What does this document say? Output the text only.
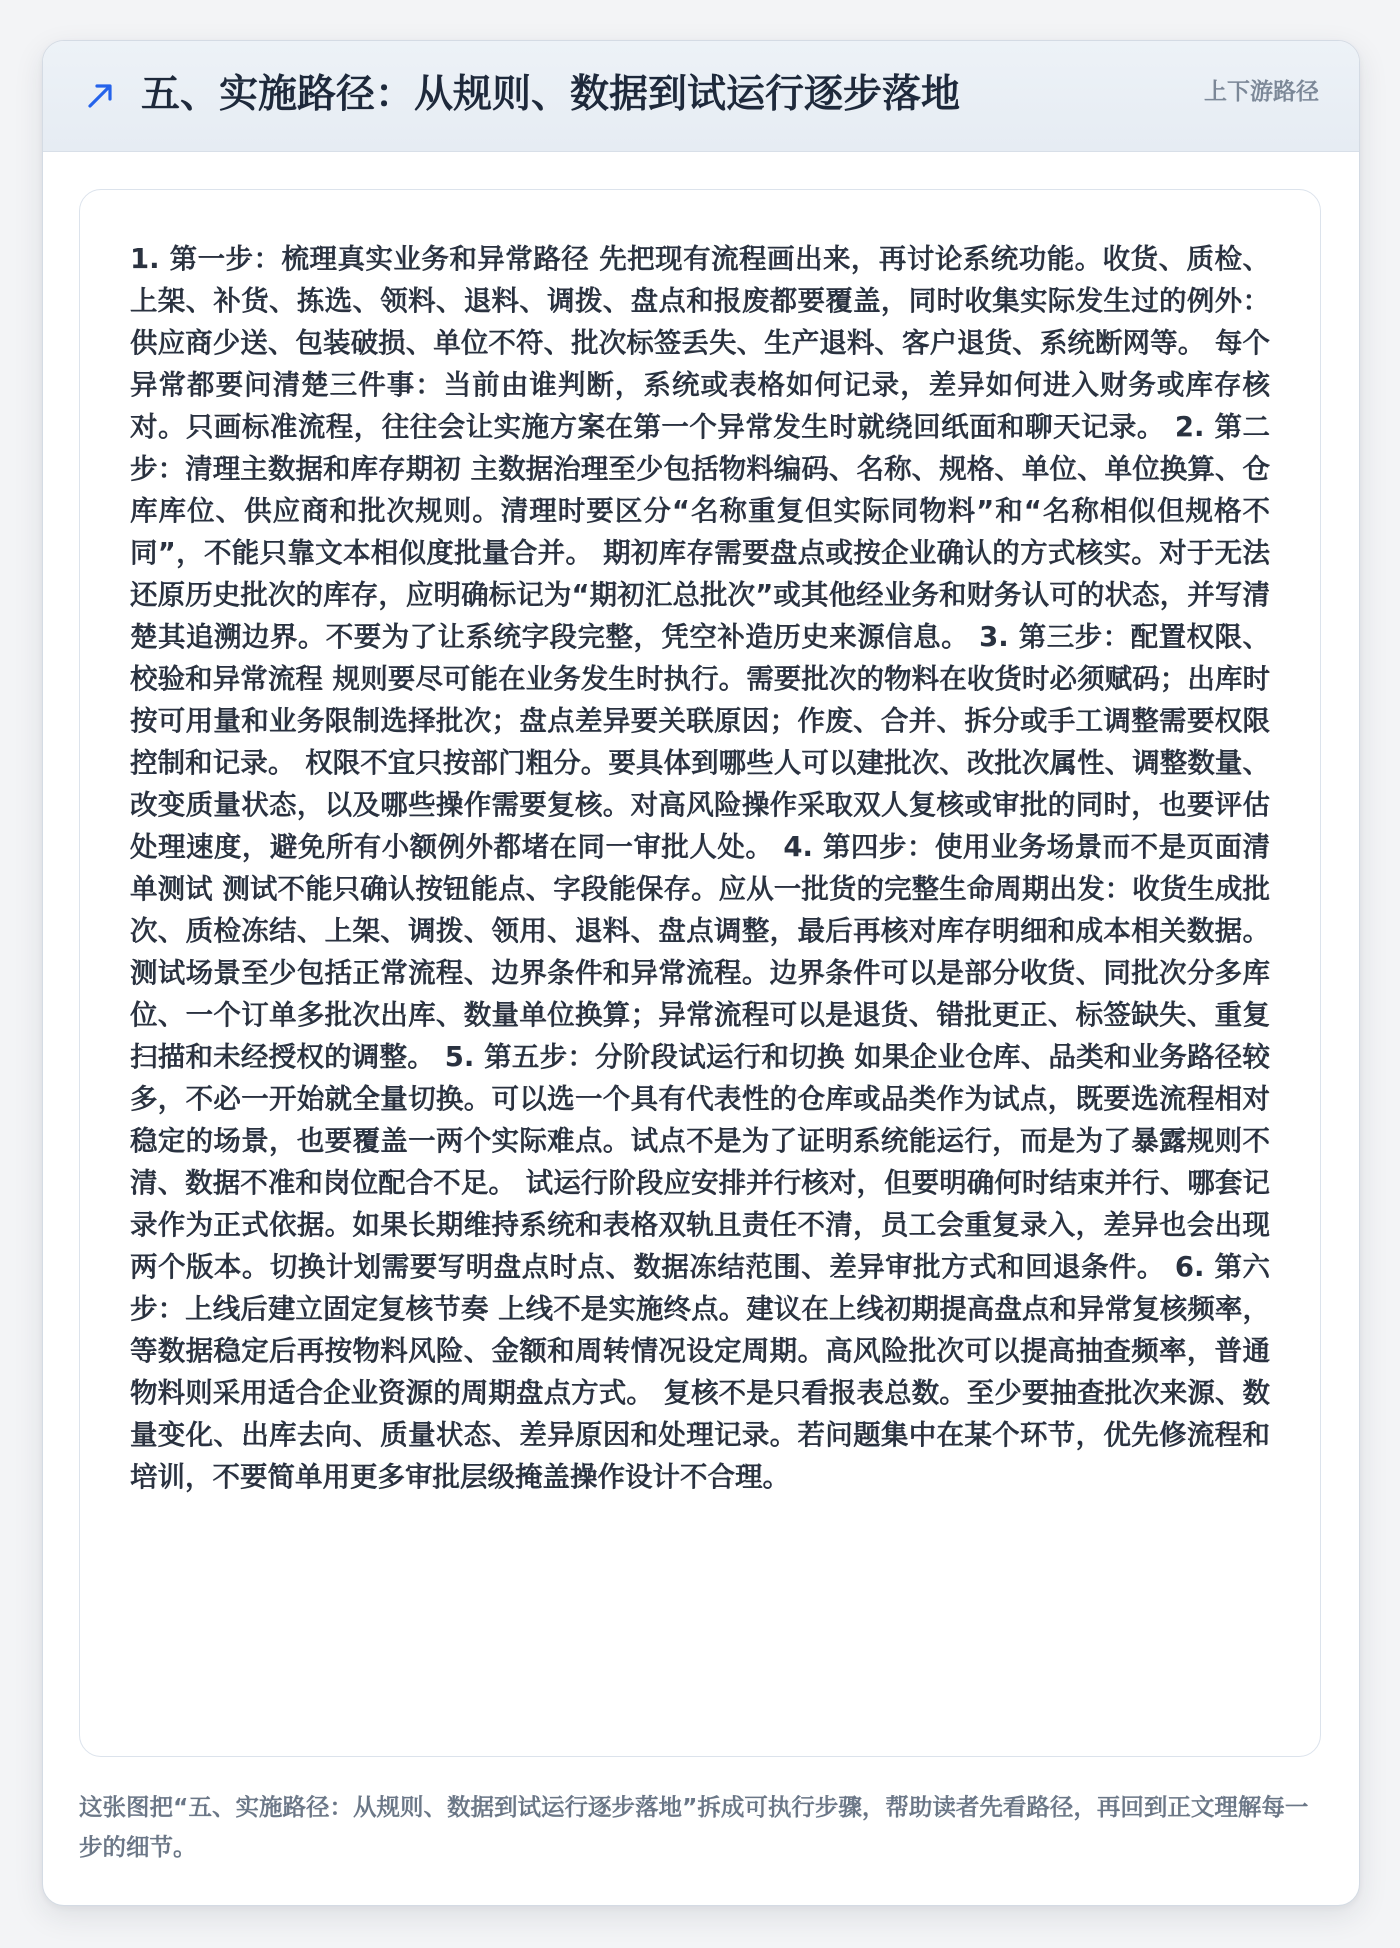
五、实施路径：从规则、数据到试运行逐步落地	上下游路径

1. 第一步：梳理真实业务和异常路径 先把现有流程画出来，再讨论系统功能。收货、质检、上架、补货、拣选、领料、退料、调拨、盘点和报废都要覆盖，同时收集实际发生过的例外：供应商少送、包装破损、单位不符、批次标签丢失、生产退料、客户退货、系统断网等。 每个异常都要问清楚三件事：当前由谁判断，系统或表格如何记录，差异如何进入财务或库存核对。只画标准流程，往往会让实施方案在第一个异常发生时就绕回纸面和聊天记录。 2. 第二步：清理主数据和库存期初 主数据治理至少包括物料编码、名称、规格、单位、单位换算、仓库库位、供应商和批次规则。清理时要区分“名称重复但实际同物料”和“名称相似但规格不同”，不能只靠文本相似度批量合并。 期初库存需要盘点或按企业确认的方式核实。对于无法还原历史批次的库存，应明确标记为“期初汇总批次”或其他经业务和财务认可的状态，并写清楚其追溯边界。不要为了让系统字段完整，凭空补造历史来源信息。 3. 第三步：配置权限、校验和异常流程 规则要尽可能在业务发生时执行。需要批次的物料在收货时必须赋码；出库时按可用量和业务限制选择批次；盘点差异要关联原因；作废、合并、拆分或手工调整需要权限控制和记录。 权限不宜只按部门粗分。要具体到哪些人可以建批次、改批次属性、调整数量、改变质量状态，以及哪些操作需要复核。对高风险操作采取双人复核或审批的同时，也要评估处理速度，避免所有小额例外都堵在同一审批人处。 4. 第四步：使用业务场景而不是页面清单测试 测试不能只确认按钮能点、字段能保存。应从一批货的完整生命周期出发：收货生成批次、质检冻结、上架、调拨、领用、退料、盘点调整，最后再核对库存明细和成本相关数据。 测试场景至少包括正常流程、边界条件和异常流程。边界条件可以是部分收货、同批次分多库位、一个订单多批次出库、数量单位换算；异常流程可以是退货、错批更正、标签缺失、重复扫描和未经授权的调整。 5. 第五步：分阶段试运行和切换 如果企业仓库、品类和业务路径较多，不必一开始就全量切换。可以选一个具有代表性的仓库或品类作为试点，既要选流程相对稳定的场景，也要覆盖一两个实际难点。试点不是为了证明系统能运行，而是为了暴露规则不清、数据不准和岗位配合不足。 试运行阶段应安排并行核对，但要明确何时结束并行、哪套记录作为正式依据。如果长期维持系统和表格双轨且责任不清，员工会重复录入，差异也会出现两个版本。切换计划需要写明盘点时点、数据冻结范围、差异审批方式和回退条件。 6. 第六步：上线后建立固定复核节奏 上线不是实施终点。建议在上线初期提高盘点和异常复核频率，等数据稳定后再按物料风险、金额和周转情况设定周期。高风险批次可以提高抽查频率，普通物料则采用适合企业资源的周期盘点方式。 复核不是只看报表总数。至少要抽查批次来源、数量变化、出库去向、质量状态、差异原因和处理记录。若问题集中在某个环节，优先修流程和培训，不要简单用更多审批层级掩盖操作设计不合理。

这张图把“五、实施路径：从规则、数据到试运行逐步落地”拆成可执行步骤，帮助读者先看路径，再回到正文理解每一步的细节。
